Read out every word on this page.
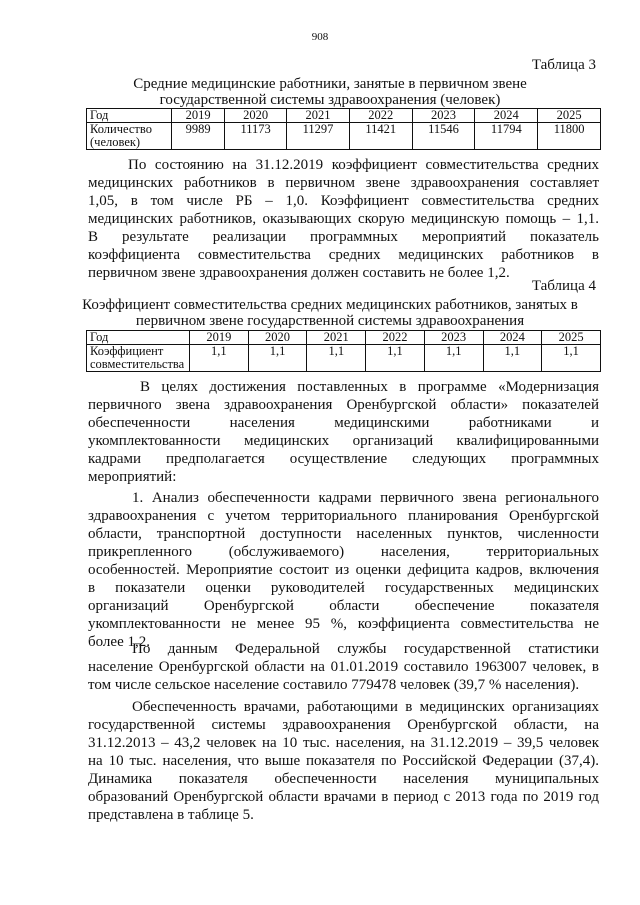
908
Таблица 3
Средние медицинские работники, занятые в первичном звене
государственной системы здравоохранения (человек)
Год	2019	2020	2021	2022	2023	2024	2025

Количество
(человек)	9989	11173	11297	11421	11546	11794	11800
По состоянию на 31.12.2019 коэффициент совместительства средних
медицинских работников в первичном звене здравоохранения составляет
1,05, в том числе РБ – 1,0. Коэффициент совместительства средних
медицинских работников, оказывающих скорую медицинскую помощь – 1,1.
В результате реализации программных мероприятий показатель
коэффициента совместительства средних медицинских работников в
первичном звене здравоохранения должен составить не более 1,2.
Таблица 4
Коэффициент совместительства средних медицинских работников, занятых в
первичном звене государственной системы здравоохранения
Год	2019	2020	2021	2022	2023	2024	2025

Коэффициент
совместительства	1,1	1,1	1,1	1,1	1,1	1,1	1,1
В целях достижения поставленных в программе «Модернизация
первичного звена здравоохранения Оренбургской области» показателей
обеспеченности населения медицинскими работниками и
укомплектованности медицинских организаций квалифицированными
кадрами предполагается осуществление следующих программных
мероприятий:
1. Анализ обеспеченности кадрами первичного звена регионального
здравоохранения с учетом территориального планирования Оренбургской
области, транспортной доступности населенных пунктов, численности
прикрепленного (обслуживаемого) населения, территориальных
особенностей. Мероприятие состоит из оценки дефицита кадров, включения
в показатели оценки руководителей государственных медицинских
организаций Оренбургской области обеспечение показателя
укомплектованности не менее 95 %, коэффициента совместительства не
более 1,2.
По данным Федеральной службы государственной статистики
население Оренбургской области на 01.01.2019 составило 1963007 человек, в
том числе сельское население составило 779478 человек (39,7 % населения).
Обеспеченность врачами, работающими в медицинских организациях
государственной системы здравоохранения Оренбургской области, на
31.12.2013 – 43,2 человек на 10 тыс. населения, на 31.12.2019 – 39,5 человек
на 10 тыс. населения, что выше показателя по Российской Федерации (37,4).
Динамика показателя обеспеченности населения муниципальных
образований Оренбургской области врачами в период с 2013 года по 2019 год
представлена в таблице 5.
